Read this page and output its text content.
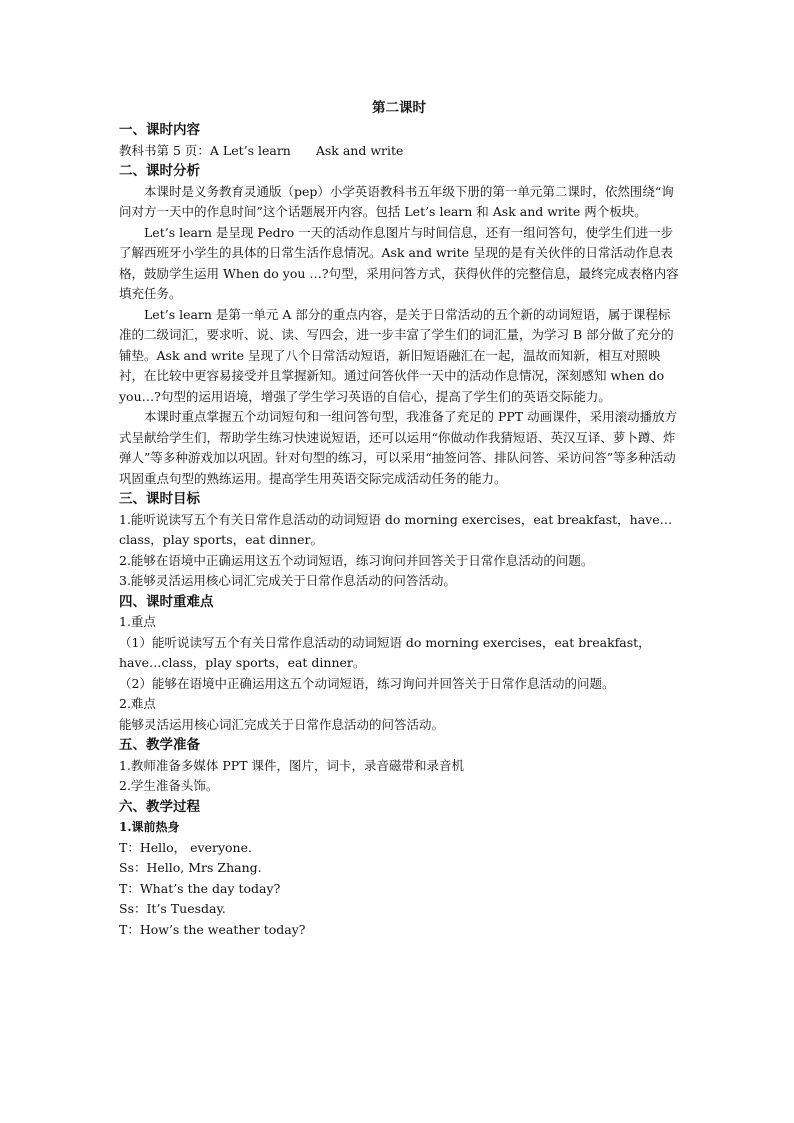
第二课时
一、课时内容
教科书第 5 页：A Let’s learn　　Ask and write
二、课时分析
本课时是义务教育灵通版（pep）小学英语教科书五年级下册的第一单元第二课时，依然围绕“询问对方一天中的作息时间”这个话题展开内容。包括 Let’s learn 和 Ask and write 两个板块。
Let’s learn 是呈现 Pedro 一天的活动作息图片与时间信息，还有一组问答句，使学生们进一步了解西班牙小学生的具体的日常生活作息情况。Ask and write 呈现的是有关伙伴的日常活动作息表格，鼓励学生运用 When do you …?句型，采用问答方式，获得伙伴的完整信息，最终完成表格内容填充任务。
Let’s learn 是第一单元 A 部分的重点内容，是关于日常活动的五个新的动词短语，属于课程标准的二级词汇，要求听、说、读、写四会，进一步丰富了学生们的词汇量，为学习 B 部分做了充分的铺垫。Ask and write 呈现了八个日常活动短语，新旧短语融汇在一起，温故而知新，相互对照映衬，在比较中更容易接受并且掌握新知。通过问答伙伴一天中的活动作息情况，深刻感知 when do you…?句型的运用语境，增强了学生学习英语的自信心，提高了学生们的英语交际能力。
本课时重点掌握五个动词短句和一组问答句型，我准备了充足的 PPT 动画课件，采用滚动播放方式呈献给学生们，帮助学生练习快速说短语，还可以运用“你做动作我猜短语、英汉互译、萝卜蹲、炸弹人”等多种游戏加以巩固。针对句型的练习，可以采用“抽签问答、排队问答、采访问答”等多种活动巩固重点句型的熟练运用。提高学生用英语交际完成活动任务的能力。
三、课时目标
1.能听说读写五个有关日常作息活动的动词短语 do morning exercises，eat breakfast，have…class，play sports，eat dinner。
2.能够在语境中正确运用这五个动词短语，练习询问并回答关于日常作息活动的问题。
3.能够灵活运用核心词汇完成关于日常作息活动的问答活动。
四、课时重难点
1.重点
（1）能听说读写五个有关日常作息活动的动词短语 do morning exercises，eat breakfast，have…class，play sports，eat dinner。
（2）能够在语境中正确运用这五个动词短语，练习询问并回答关于日常作息活动的问题。
2.难点
能够灵活运用核心词汇完成关于日常作息活动的问答活动。
五、教学准备
1.教师准备多媒体 PPT 课件，图片，词卡，录音磁带和录音机
2.学生准备头饰。
六、教学过程
1.课前热身
T：Hello， everyone.
Ss：Hello, Mrs Zhang.
T：What’s the day today?
Ss：It’s Tuesday.
T：How’s the weather today?
